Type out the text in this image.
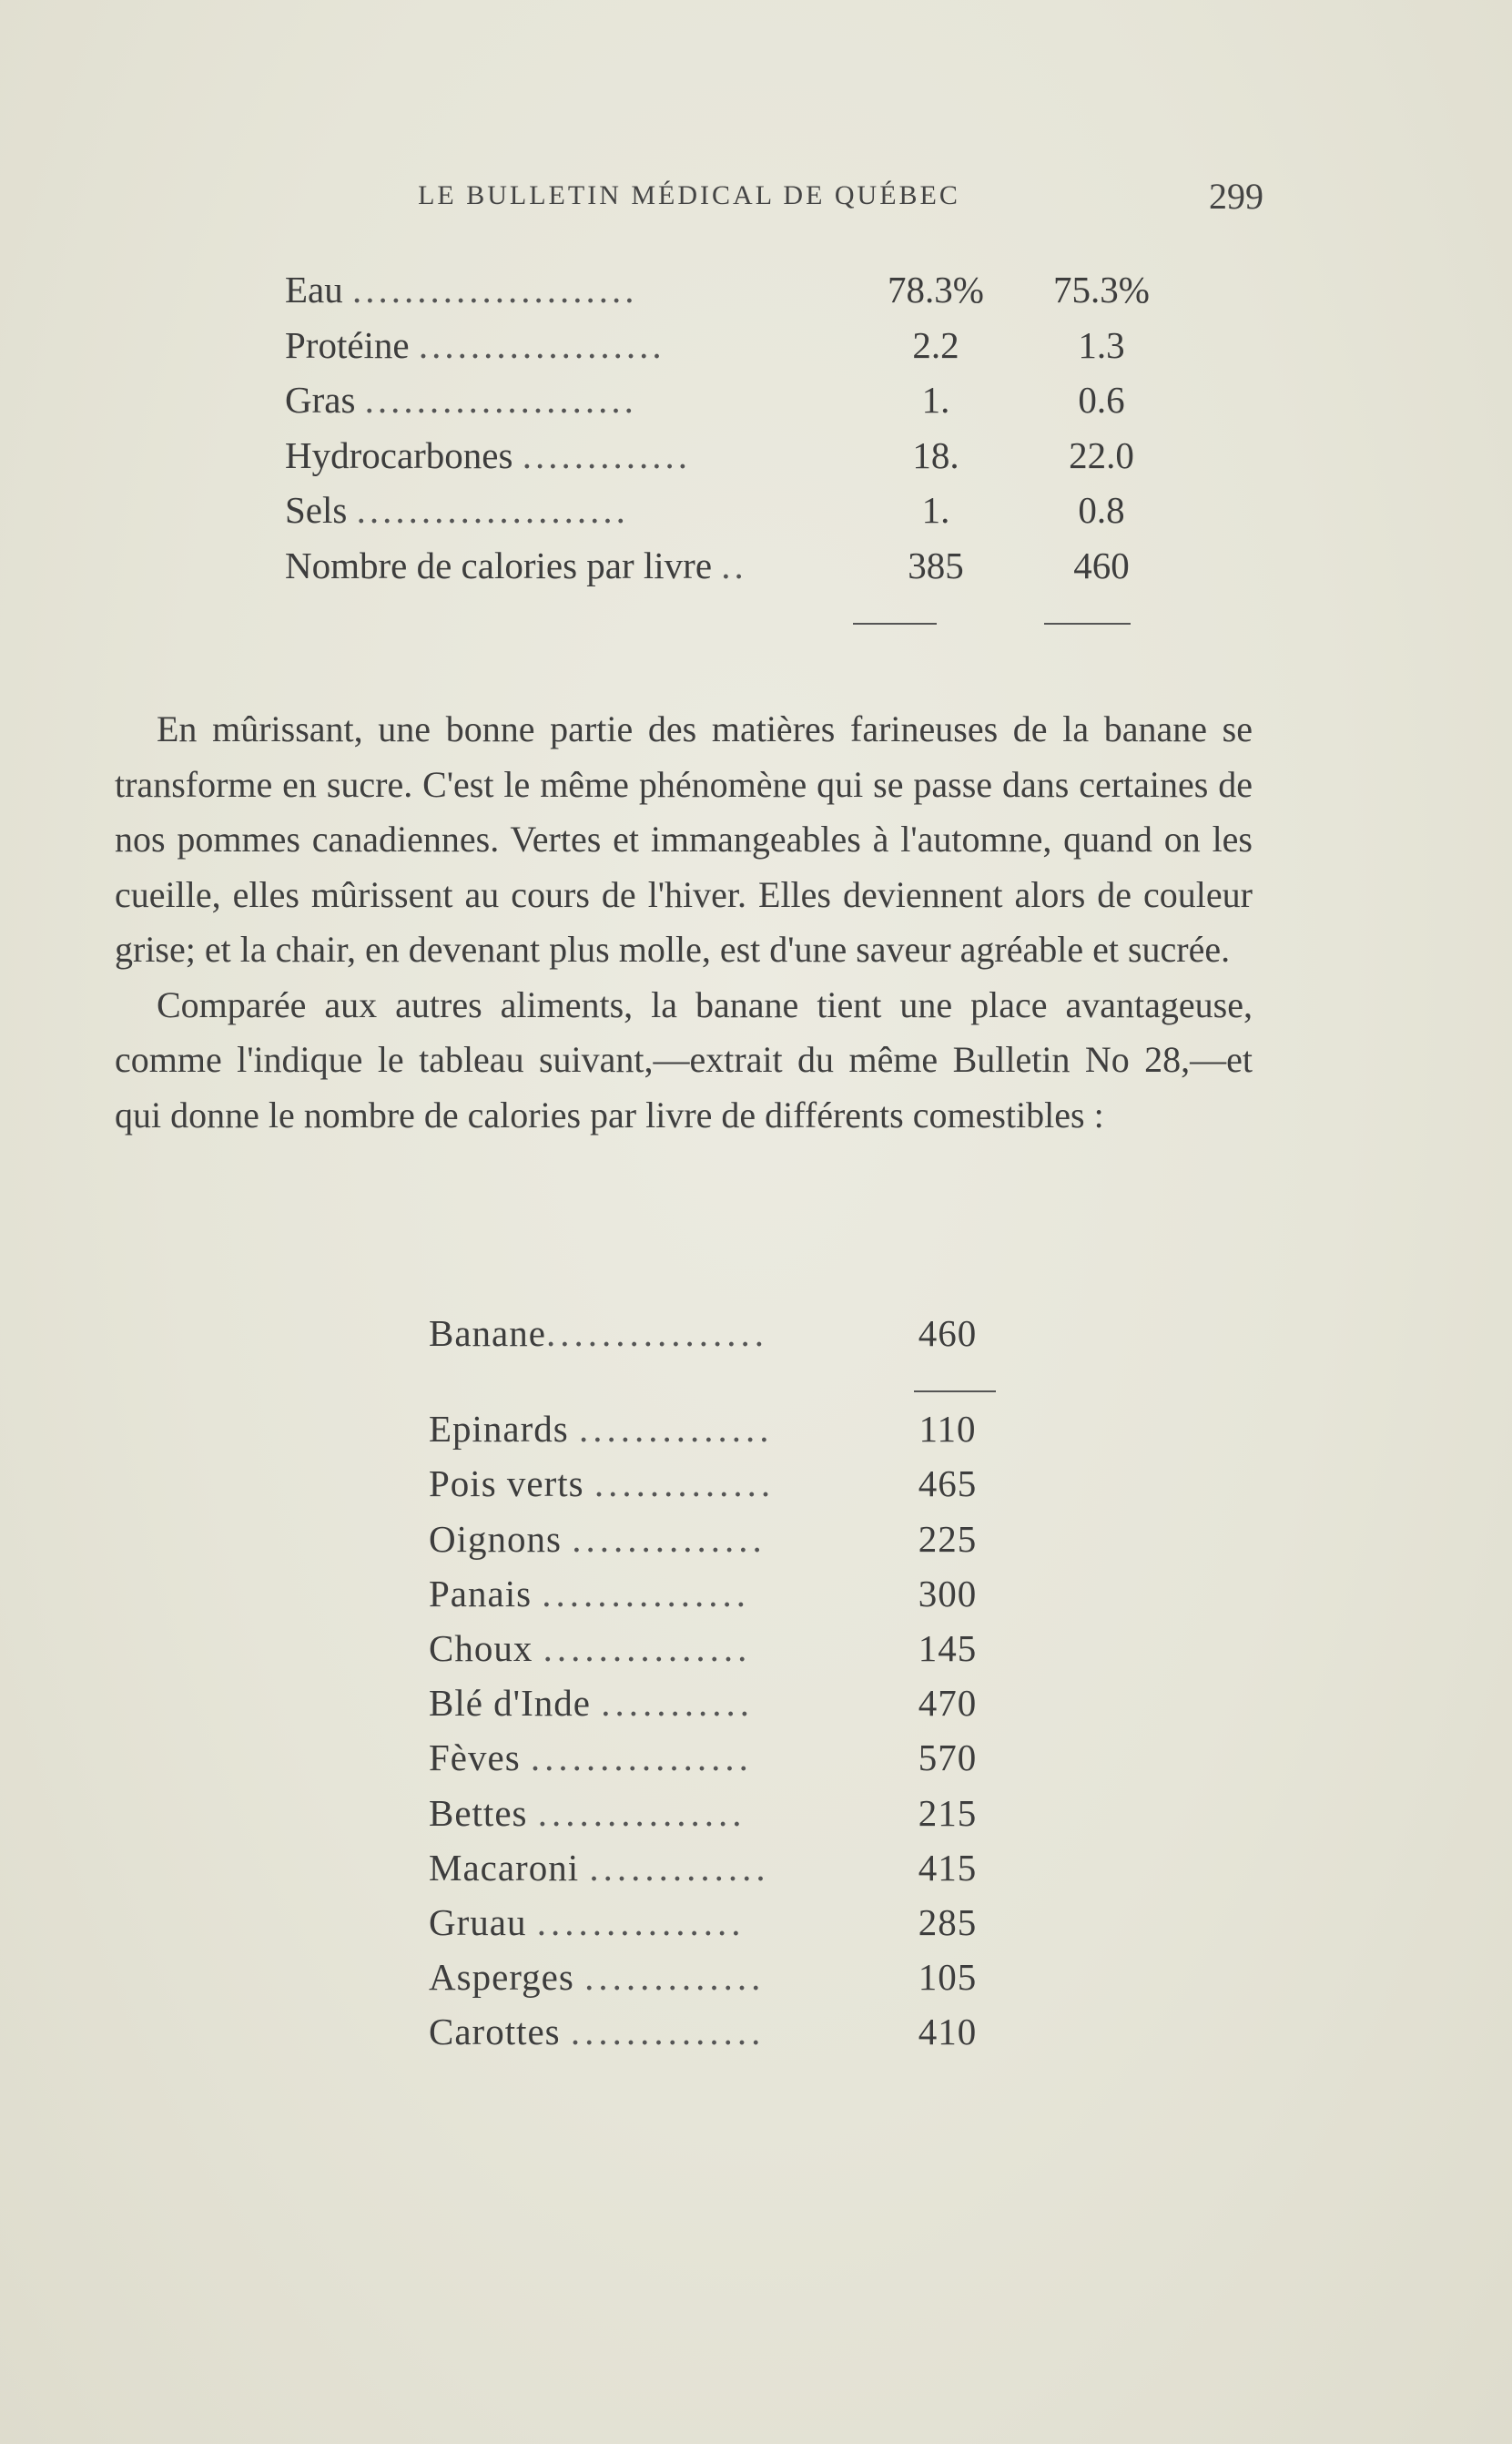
LE BULLETIN MÉDICAL DE QUÉBEC	299
Eau ......................	78.3%	75.3%
Protéine ...................	2.2	1.3
Gras .....................	1.	0.6
Hydrocarbones .............	18.	22.0
Sels .....................	1.	0.8
Nombre de calories par livre ..	385	460

En mûrissant, une bonne partie des matières farineuses de la banane se transforme en sucre. C'est le même phénomène qui se passe dans certaines de nos pommes canadiennes. Vertes et immangeables à l'automne, quand on les cueille, elles mûrissent au cours de l'hiver. Elles deviennent alors de couleur grise; et la chair, en devenant plus molle, est d'une saveur agréable et sucrée.

Comparée aux autres aliments, la banane tient une place avantageuse, comme l'indique le tableau suivant,—extrait du même Bulletin No 28,—et qui donne le nombre de calories par livre de différents comestibles :

Banane................	460
Epinards ..............	110
Pois verts .............	465
Oignons ..............	225
Panais ...............	300
Choux ...............	145
Blé d'Inde ...........	470
Fèves ................	570
Bettes ...............	215
Macaroni .............	415
Gruau ...............	285
Asperges .............	105
Carottes ..............	410
